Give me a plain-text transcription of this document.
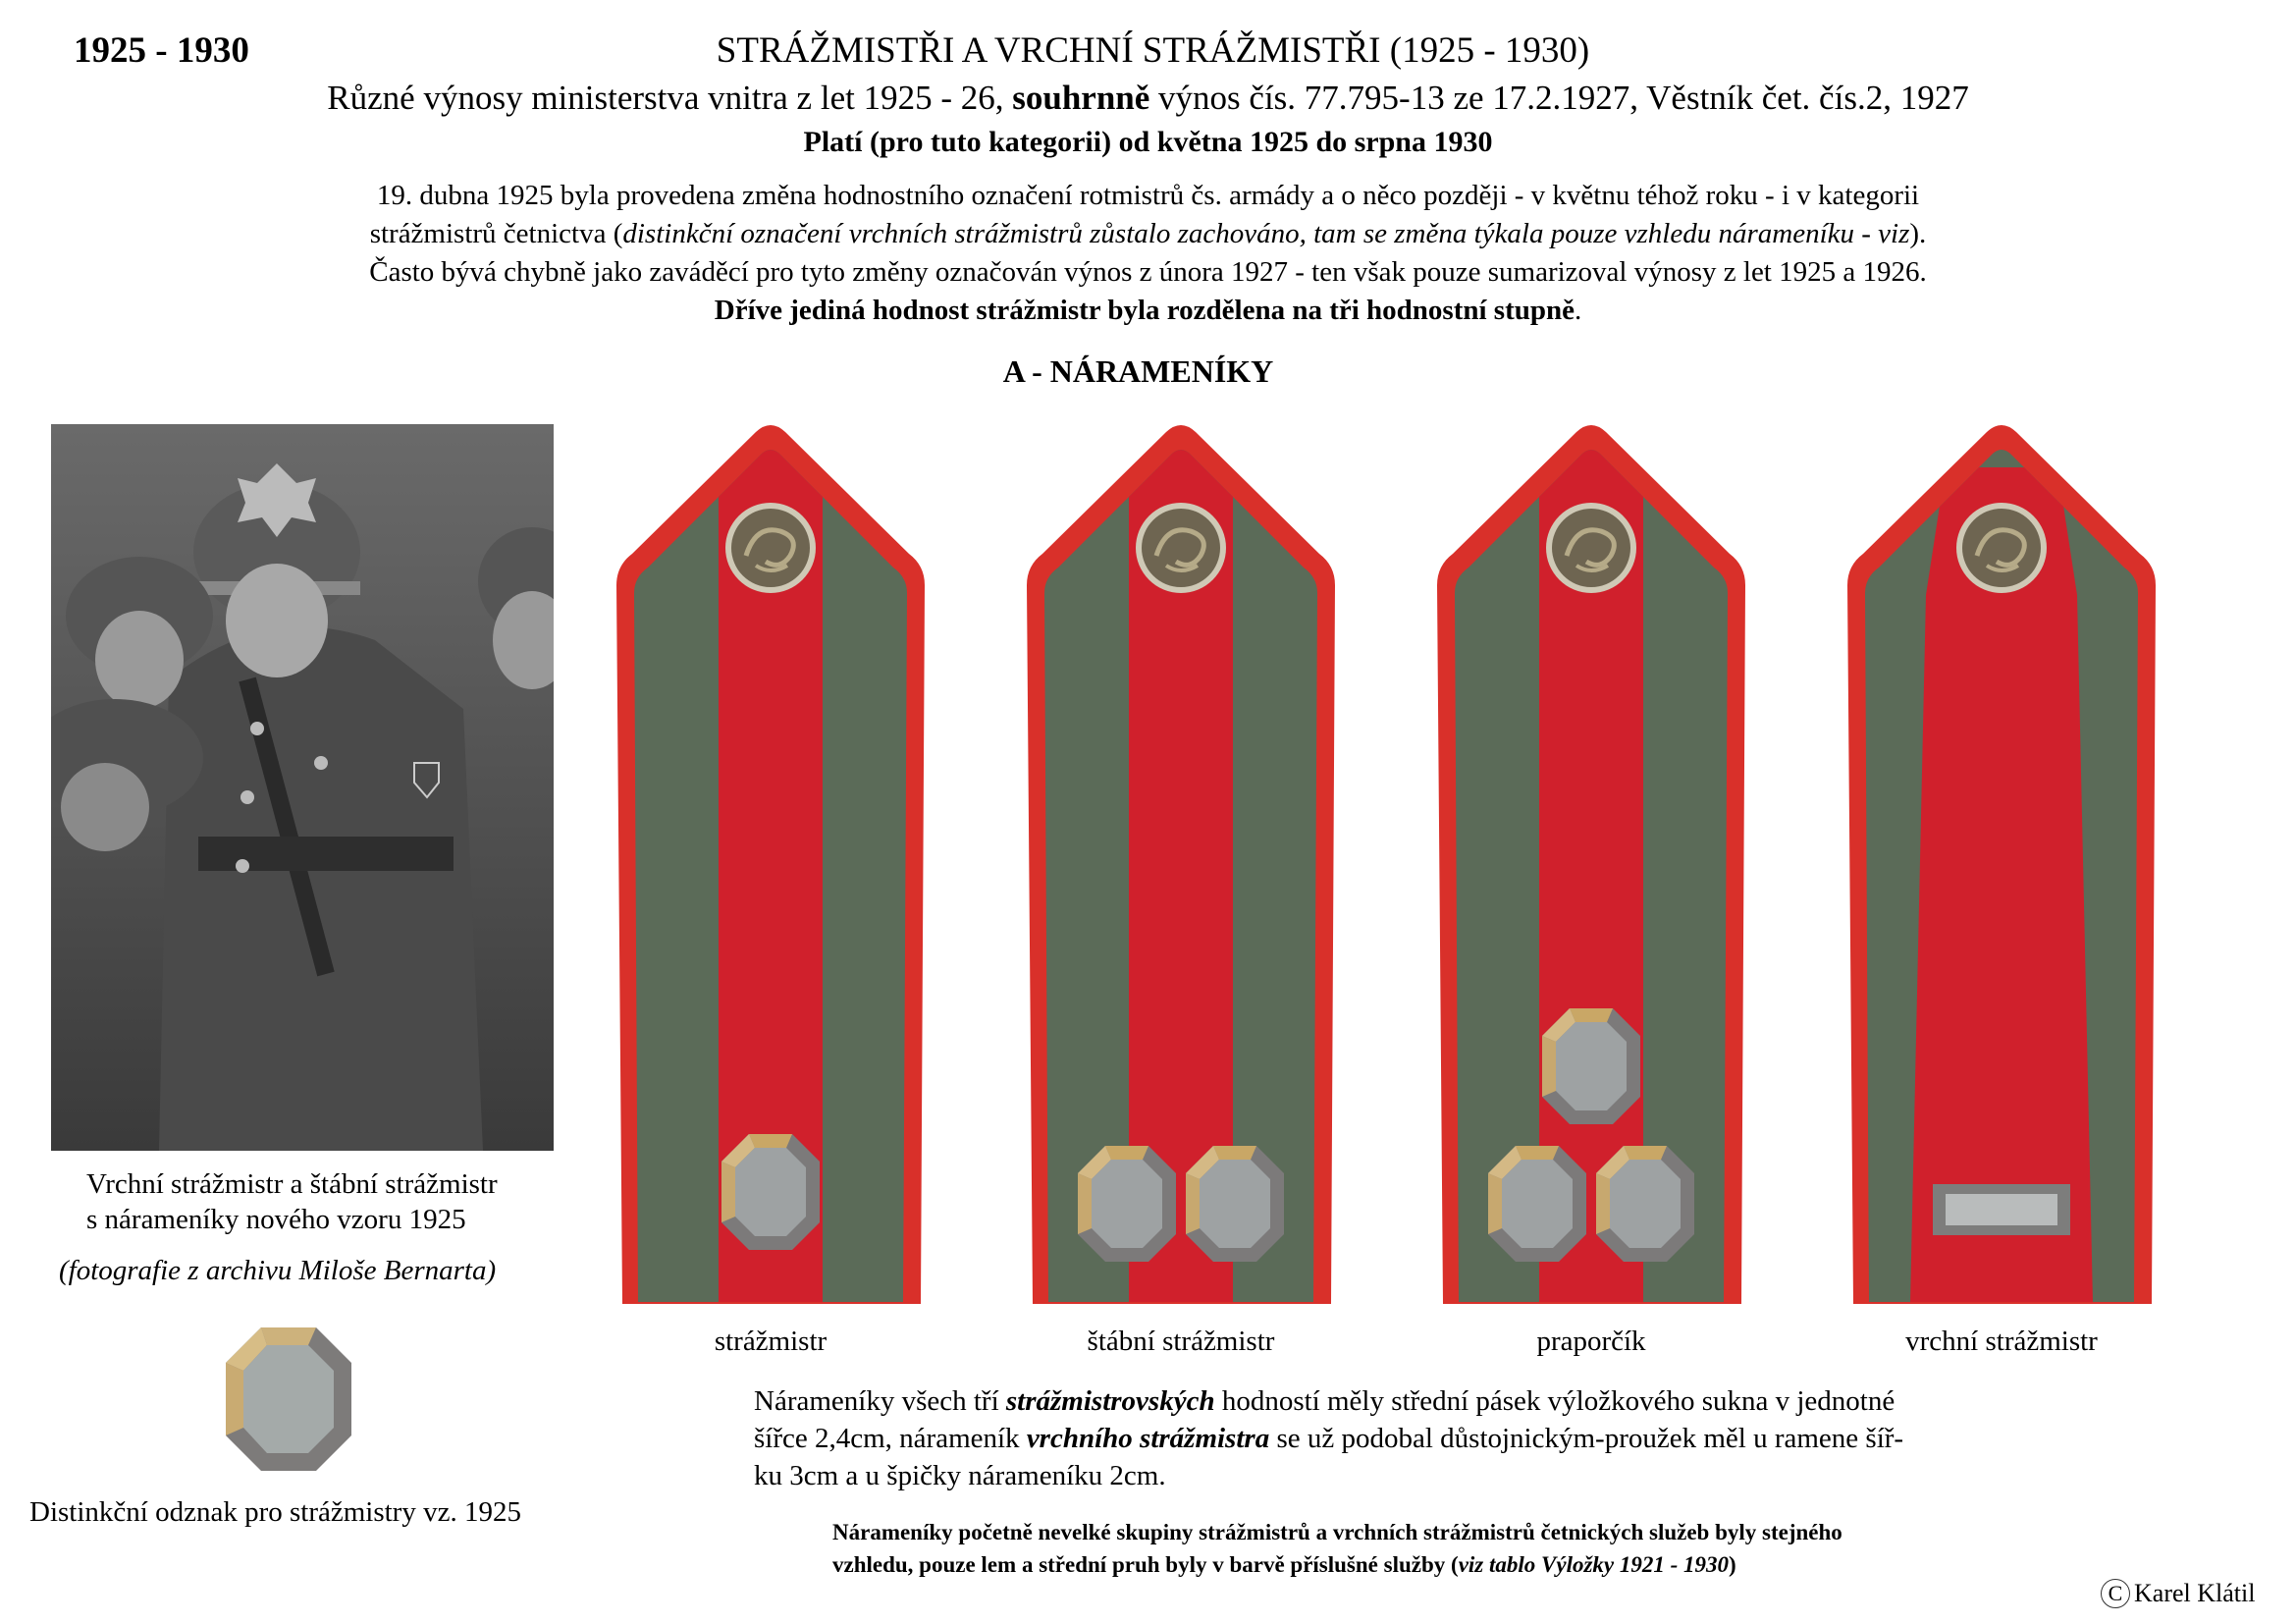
1925 - 1930	STRÁŽMISTŘI A VRCHNÍ STRÁŽMISTŘI (1925 - 1930)
Různé výnosy ministerstva vnitra z let 1925 - 26, souhrnně výnos čís. 77.795-13 ze 17.2.1927, Věstník čet. čís.2, 1927
Platí (pro tuto kategorii) od května 1925 do srpna 1930
19. dubna 1925 byla provedena změna hodnostního označení rotmistrů čs. armády a o něco později - v květnu téhož roku - i v kategorii
strážmistrů četnictva (distinkční označení vrchních strážmistrů zůstalo zachováno, tam se změna týkala pouze vzhledu nárameníku - viz).
Často bývá chybně jako zaváděcí pro tyto změny označován výnos z února 1927 - ten však pouze sumarizoval výnosy z let 1925 a 1926.
Dříve jediná hodnost strážmistr byla rozdělena na tři hodnostní stupně.
A - NÁRAMENÍKY
Vrchní strážmistr a štábní strážmistr
s nárameníky nového vzoru 1925
(fotografie z archivu Miloše Bernarta)
Distinkční odznak pro strážmistry vz. 1925
strážmistr	štábní strážmistr	praporčík	vrchní strážmistr
Nárameníky všech tří strážmistrovských hodností měly střední pásek výložkového sukna v jednotné
šířce 2,4cm, nárameník vrchního strážmistra se už podobal důstojnickým-proužek měl u ramene šíř-
ku 3cm a u špičky nárameníku 2cm.
Nárameníky početně nevelké skupiny strážmistrů a vrchních strážmistrů četnických služeb byly stejného
vzhledu, pouze lem a střední pruh byly v barvě příslušné služby (viz tablo Výložky 1921 - 1930)
C Karel Klátil
